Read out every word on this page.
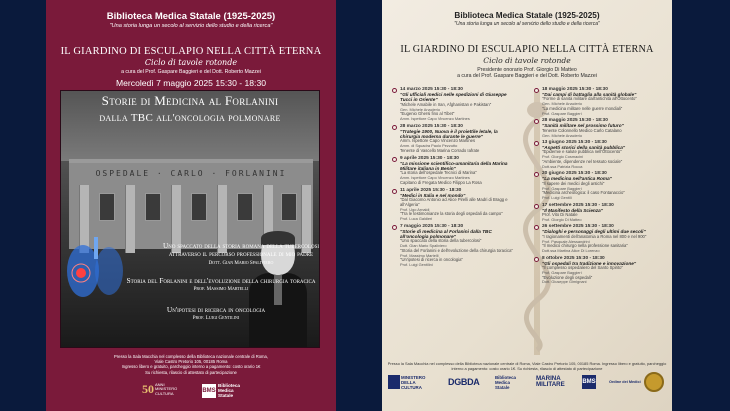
Biblioteca Medica Statale (1925-2025)
"Una storia lunga un secolo al servizio dello studio e della ricerca"
IL GIARDINO DI ESCULAPIO NELLA CITTÀ ETERNA
Ciclo di tavole rotonde
a cura del Prof. Gaspare Baggieri e del Dott. Roberto Mazzei
Mercoledì 7 maggio 2025 15:30 - 18:30
Storie di Medicina al Forlanini
dalla TBC all'oncologia polmonare
OSPEDALE · CARLO · FORLANINI
Uno spaccato della storia romana della tubercolosi attraverso il percorso professionale di mio padre
Dott. Gian Mario Spaliviero
Storia del Forlanini e dell'evoluzione della chirurgia toracica
Prof. Massimo Martelli
Un'ipotesi di ricerca in oncologia
Prof. Luigi Gentilini
Presso la Sala Macchia nel complesso della Biblioteca nazionale centrale di Roma,
Viale Castro Pretorio 105, 00185 Roma
Ingresso libero e gratuito, parcheggio interno a pagamento: costo orario 1€
Su richiesta, rilascio di attestato di partecipazione
50 ANNI
MINISTERO
CULTURA	BMS
Biblioteca
Medica
Statale
Biblioteca Medica Statale (1925-2025)
"Una storia lunga un secolo al servizio dello studio e della ricerca"
IL GIARDINO DI ESCULAPIO NELLA CITTÀ ETERNA
Ciclo di tavole rotonde
Presidente onorario Prof. Giorgio Di Matteo
a cura del Prof. Gaspare Baggieri e del Dott. Roberto Mazzei
14 marzo 2025 15:30 - 18:30
"Gli ufficiali medici nelle spedizioni di Giuseppe Tucci in Oriente"
"Michele Amabile in Iran, Afghanistan e Pakistan"
Gen. Michele Anaclerio
"Eugenio Ghersi fino al Tibet"
Amm. Ispettore Capo Vincenzo Martines
28 marzo 2025 15:30 - 18:30
"Trategie 1900, Nuova è il proiettile letale, la chirurgia moderna durante le guerre"
Amm. Ispettore Capo Vincenzo Martines
Amm. di Squadra Paolo Pezzutto
Tenente di Vascello Marina Corrado Iafrate
9 aprile 2025 15:30 - 18:30
"La missione scientifico-umanitaria della Marina Militare italiana in Benin"
"La storia dell'ospedale Tecnici di Marina"
Amm. Ispettore Capo Vincenzo Martines
Capitano di Fregata Medico Filippo La Rosa
11 aprile 2025 15:30 - 18:30
"Medici in Italia e nel mondo"
"Dal Giacomo Antonio ad Alice Pirelli alle Madri di Bragg e all'Algeria"
Prof. Ugo Arnaldi
"Tra le testimonianze la storia degli ospedali da campo"
Prof. Luca Galdieri
7 maggio 2025 15:30 - 18:30
"Storie di medicina al Forlanini dalla TBC all'oncologia polmonare"
"Uno spaccato della storia della tubercolosi"
Dott. Gian Mario Spaliviero
"Storia del Forlanini e dell'evoluzione della chirurgia toracica"
Prof. Massimo Martelli
"Un'ipotesi di ricerca in oncologia"
Prof. Luigi Gentilini
18 maggio 2025 15:30 - 18:30
"Dai campi di battaglia alla sanità globale"
"Forme di sanità militare dall'antichità all'Ottocento"
Gen. Michele Anaclerio
"La medicina militare nelle guerre mondiali"
Prof. Gaspare Baggieri
28 maggio 2025 15:30 - 18:30
"Sanità militare nel prossimo futuro"
Tenente Colonnello Medico Carlo Catalano
Gen. Michele Anaclerio
13 giugno 2025 15:30 - 18:30
"Aspetti storici della sanità pubblica"
"Epidemie e salute pubblica nell'Ottocento"
Prof. Giorgio Cosmacini
"Ambiente, dipendenze nel tessuto sociale"
Dott.ssa Patrizia Rocca
20 giugno 2025 15:30 - 18:30
"La medicina nell'antica Roma"
"Il sapere dei medici degli antichi"
Prof. Gaspare Baggieri
"Medicina archeologica: il caso Fontanaccio"
Prof. Luigi Gentili
17 settembre 2025 15:30 - 18:30
"Il Manifesto della Scienza"
Prof. Vito Di Natale
Prof. Giorgio Di Matteo
26 settembre 2025 15:30 - 18:30
"Dialoghi e personaggi degli ultimi due secoli"
"I ragionamenti dell'anatomia a Roma nel 800 e nel 900"
Prof. Pasquale Alessandrini
"Il medico chirurgo nella professione sanitaria"
Dott.ssa Martina Alice Di Lorenzo
8 ottobre 2025 15:30 - 18:30
"Gli ospedali tra tradizione e innovazione"
"Il complesso ospedaliero del Santo Spirito"
Prof. Gaspare Baggieri
"Evoluzione degli ospedali"
Dott. Giuseppe Gimignani
Presso la Sala Macchia nel complesso della Biblioteca nazionale centrale di Roma, Viale Castro Pretorio 105, 00185 Roma. Ingresso libero e gratuito, parcheggio interno a pagamento: costo orario 1€. Su richiesta, rilascio di attestato di partecipazione
MINISTERO
DELLA
CULTURA	DGBDA	Biblioteca
Medica
Statale
MARINA
MILITARE	BMS	Ordine dei Medici
